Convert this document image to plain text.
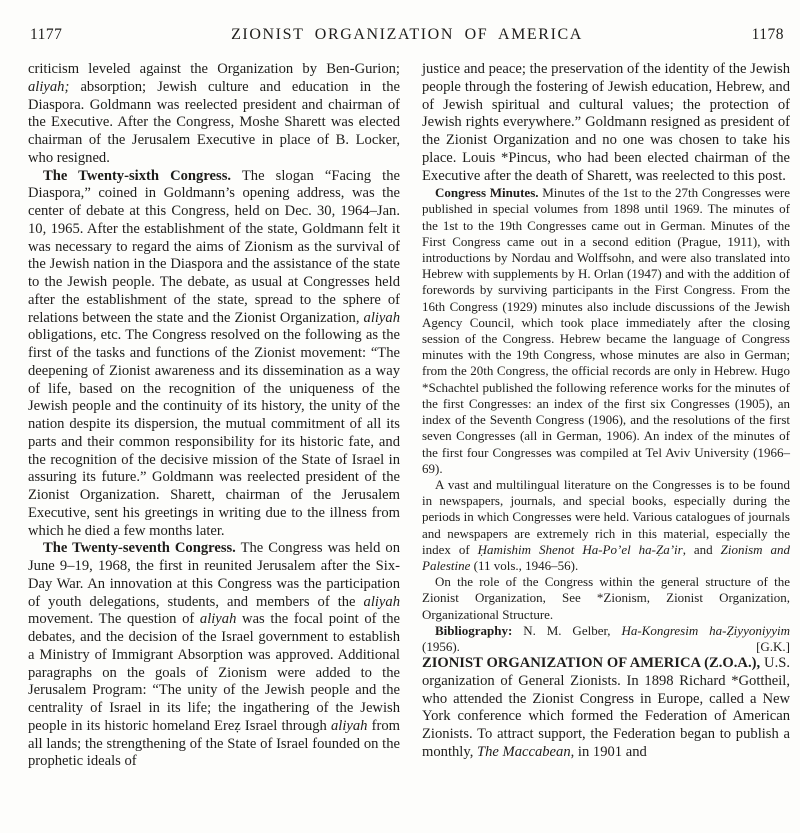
1177	ZIONIST ORGANIZATION OF AMERICA	1178

criticism leveled against the Organization by Ben-Gurion; aliyah; absorption; Jewish culture and education in the Diaspora. Goldmann was reelected president and chairman of the Executive. After the Congress, Moshe Sharett was elected chairman of the Jerusalem Executive in place of B. Locker, who resigned.

The Twenty-sixth Congress. The slogan “Facing the Diaspora,” coined in Goldmann’s opening address, was the center of debate at this Congress, held on Dec. 30, 1964–Jan. 10, 1965. After the establishment of the state, Goldmann felt it was necessary to regard the aims of Zionism as the survival of the Jewish nation in the Diaspora and the assistance of the state to the Jewish people. The debate, as usual at Congresses held after the establishment of the state, spread to the sphere of relations between the state and the Zionist Organization, aliyah obligations, etc. The Congress resolved on the following as the first of the tasks and functions of the Zionist movement: “The deepening of Zionist awareness and its dissemination as a way of life, based on the recognition of the uniqueness of the Jewish people and the continuity of its history, the unity of the nation despite its dispersion, the mutual commitment of all its parts and their common responsibility for its historic fate, and the recognition of the decisive mission of the State of Israel in assuring its future.” Goldmann was reelected president of the Zionist Organization. Sharett, chairman of the Jerusalem Executive, sent his greetings in writing due to the illness from which he died a few months later.

The Twenty-seventh Congress. The Congress was held on June 9–19, 1968, the first in reunited Jerusalem after the Six-Day War. An innovation at this Congress was the participation of youth delegations, students, and members of the aliyah movement. The question of aliyah was the focal point of the debates, and the decision of the Israel government to establish a Ministry of Immigrant Absorption was approved. Additional paragraphs on the goals of Zionism were added to the Jerusalem Program: “The unity of the Jewish people and the centrality of Israel in its life; the ingathering of the Jewish people in its historic homeland Ereẓ Israel through aliyah from all lands; the strengthening of the State of Israel founded on the prophetic ideals of

justice and peace; the preservation of the identity of the Jewish people through the fostering of Jewish education, Hebrew, and of Jewish spiritual and cultural values; the protection of Jewish rights everywhere.” Goldmann resigned as president of the Zionist Organization and no one was chosen to take his place. Louis *Pincus, who had been elected chairman of the Executive after the death of Sharett, was reelected to this post.

Congress Minutes. Minutes of the 1st to the 27th Congresses were published in special volumes from 1898 until 1969. The minutes of the 1st to the 19th Congresses came out in German. Minutes of the First Congress came out in a second edition (Prague, 1911), with introductions by Nordau and Wolffsohn, and were also translated into Hebrew with supplements by H. Orlan (1947) and with the addition of forewords by surviving participants in the First Congress. From the 16th Congress (1929) minutes also include discussions of the Jewish Agency Council, which took place immediately after the closing session of the Congress. Hebrew became the language of Congress minutes with the 19th Congress, whose minutes are also in German; from the 20th Congress, the official records are only in Hebrew. Hugo *Schachtel published the following reference works for the minutes of the first Congresses: an index of the first six Congresses (1905), an index of the Seventh Congress (1906), and the resolutions of the first seven Congresses (all in German, 1906). An index of the minutes of the first four Congresses was compiled at Tel Aviv University (1966–69).

A vast and multilingual literature on the Congresses is to be found in newspapers, journals, and special books, especially during the periods in which Congresses were held. Various catalogues of journals and newspapers are extremely rich in this material, especially the index of Ḥamishim Shenot Ha-Po’el ha-Ẓa’ir, and Zionism and Palestine (11 vols., 1946–56).

On the role of the Congress within the general structure of the Zionist Organization, See *Zionism, Zionist Organization, Organizational Structure.

Bibliography: N. M. Gelber, Ha-Kongresim ha-Ẓiyyoniyyim (1956).	[G.K.]

ZIONIST ORGANIZATION OF AMERICA (Z.O.A.), U.S. organization of General Zionists. In 1898 Richard *Gottheil, who attended the Zionist Congress in Europe, called a New York conference which formed the Federation of American Zionists. To attract support, the Federation began to publish a monthly, The Maccabean, in 1901 and
